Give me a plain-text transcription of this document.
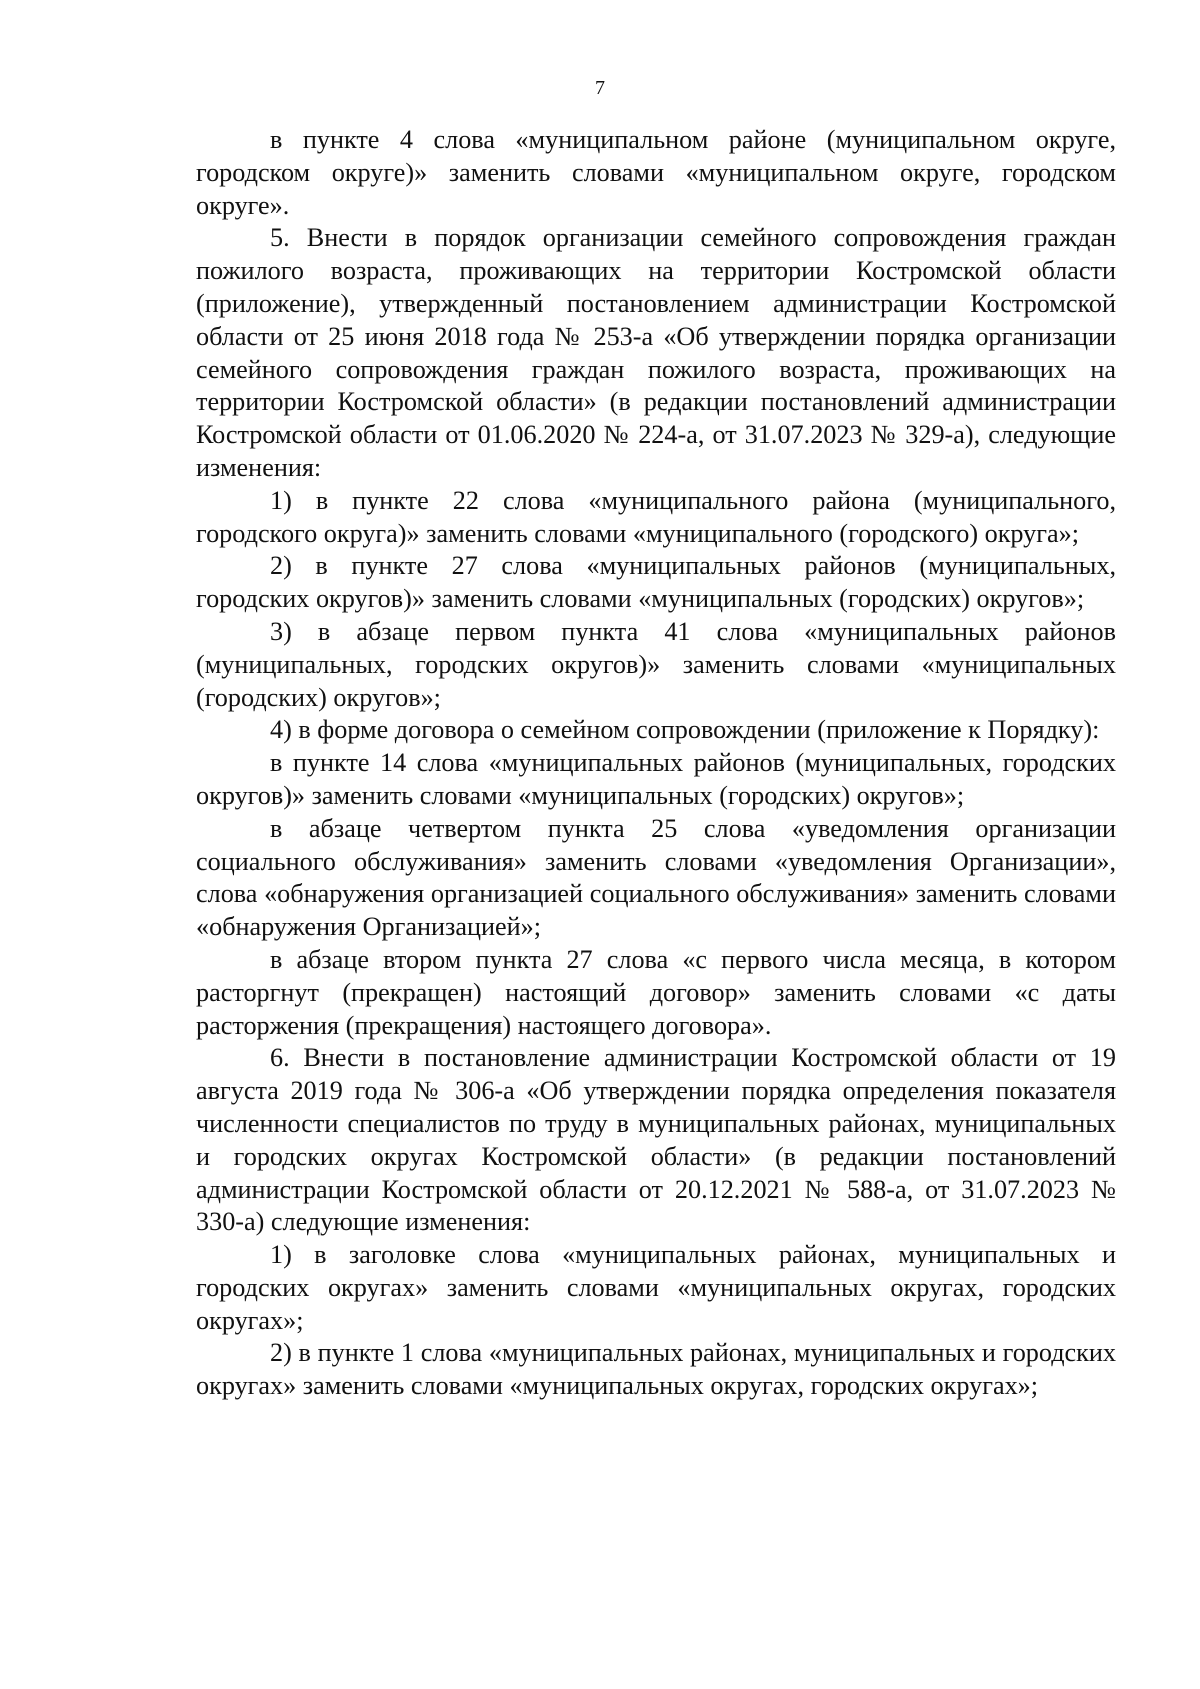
7

в пункте 4 слова «муниципальном районе (муниципальном округе, городском округе)» заменить словами «муниципальном округе, городском округе».

5. Внести в порядок организации семейного сопровождения граждан пожилого возраста, проживающих на территории Костромской области (приложение), утвержденный постановлением администрации Костромской области от 25 июня 2018 года № 253-а «Об утверждении порядка организации семейного сопровождения граждан пожилого возраста, проживающих на территории Костромской области» (в редакции постановлений администрации Костромской области от 01.06.2020 № 224-а, от 31.07.2023 № 329-а), следующие изменения:

1) в пункте 22 слова «муниципального района (муниципального, городского округа)» заменить словами «муниципального (городского) округа»;

2) в пункте 27 слова «муниципальных районов (муниципальных, городских округов)» заменить словами «муниципальных (городских) округов»;

3) в абзаце первом пункта 41 слова «муниципальных районов (муниципальных, городских округов)» заменить словами «муниципальных (городских) округов»;

4) в форме договора о семейном сопровождении (приложение к Порядку):

в пункте 14 слова «муниципальных районов (муниципальных, городских округов)» заменить словами «муниципальных (городских) округов»;

в абзаце четвертом пункта 25 слова «уведомления организации социального обслуживания» заменить словами «уведомления Организации», слова «обнаружения организацией социального обслуживания» заменить словами «обнаружения Организацией»;

в абзаце втором пункта 27 слова «с первого числа месяца, в котором расторгнут (прекращен) настоящий договор» заменить словами «с даты расторжения (прекращения) настоящего договора».

6. Внести в постановление администрации Костромской области от 19 августа 2019 года № 306-а «Об утверждении порядка определения показателя численности специалистов по труду в муниципальных районах, муниципальных и городских округах Костромской области» (в редакции постановлений администрации Костромской области от 20.12.2021 № 588-а, от 31.07.2023 № 330-а) следующие изменения:

1) в заголовке слова «муниципальных районах, муниципальных и городских округах» заменить словами «муниципальных округах, городских округах»;

2) в пункте 1 слова «муниципальных районах, муниципальных и городских округах» заменить словами «муниципальных округах, городских округах»;
